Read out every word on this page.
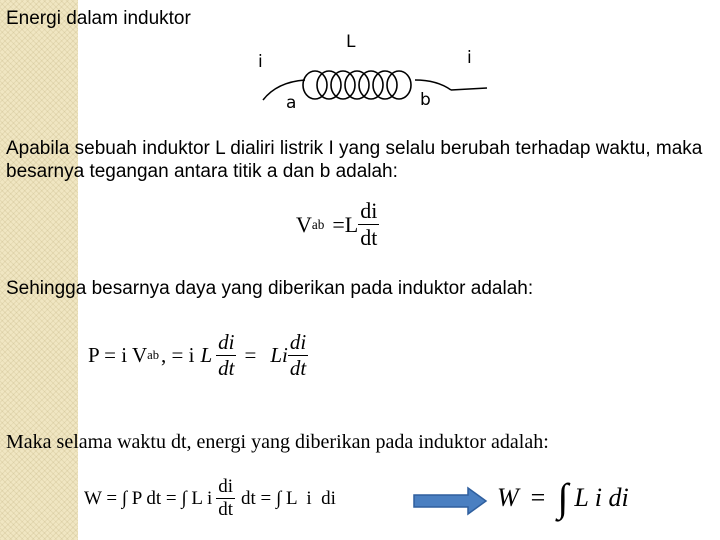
Energi dalam induktor
L
i	i
a	b
Apabila sebuah induktor L dialiri listrik I yang selalu berubah terhadap waktu, maka besarnya tegangan antara titik a dan b adalah:
V ab $=L \frac{di}{dt}$
Sehingga besarnya daya yang diberikan pada induktor adalah:
P = i V ab , = i L $\frac{di}{dt} = Li \frac{di}{dt}$
Maka selama waktu dt, energi yang diberikan pada induktor adalah:
W = ∫ P dt = ∫ L i $\frac{di}{dt}$ dt = ∫ L  i  di	W = ∫ L i di
